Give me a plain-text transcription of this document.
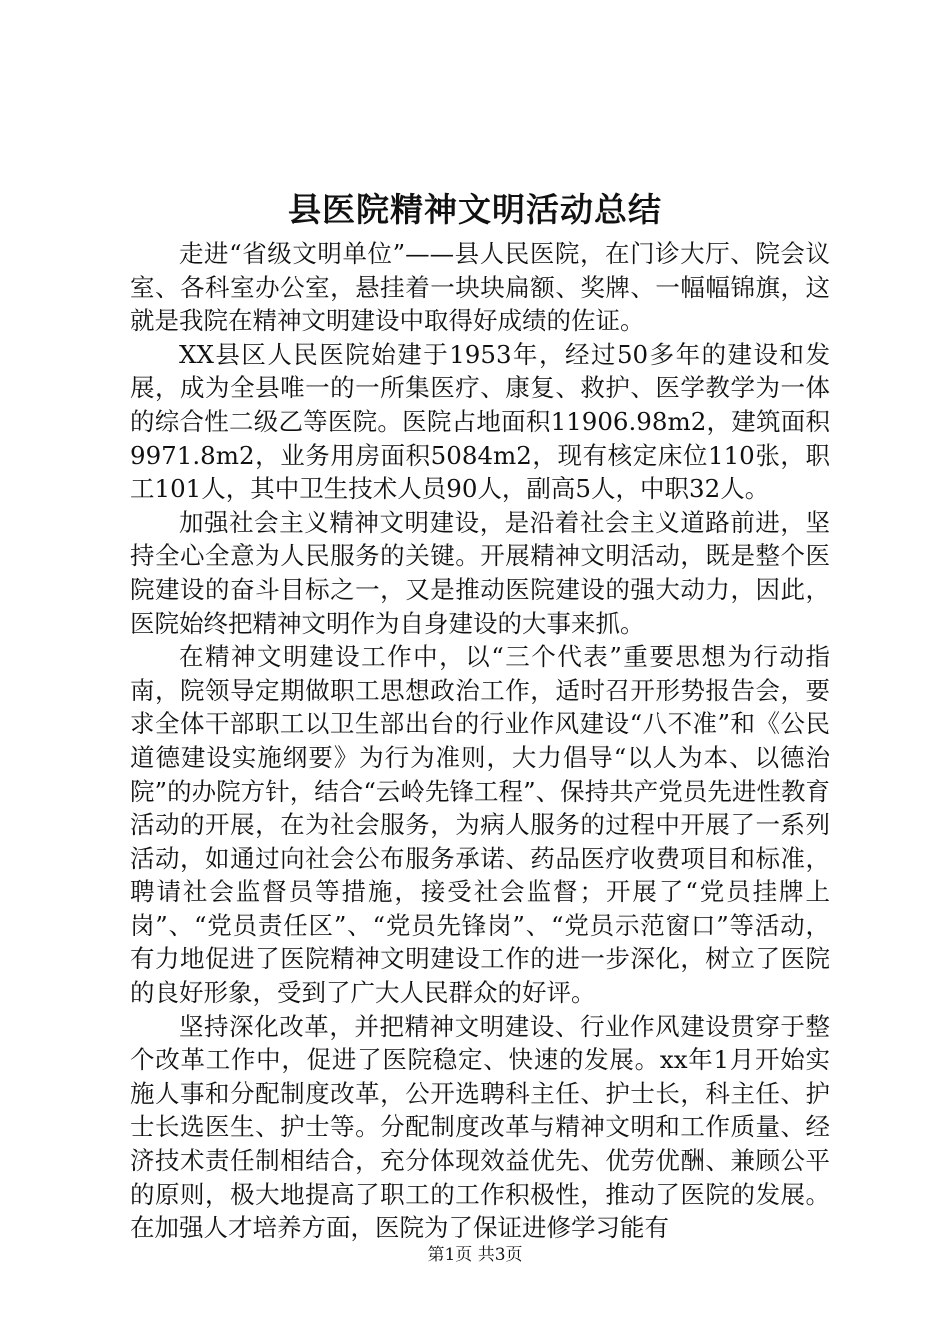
县医院精神文明活动总结

走进“省级文明单位”——县人民医院，在门诊大厅、院会议室、各科室办公室，悬挂着一块块扁额、奖牌、一幅幅锦旗，这就是我院在精神文明建设中取得好成绩的佐证。

XX县区人民医院始建于1953年，经过50多年的建设和发展，成为全县唯一的一所集医疗、康复、救护、医学教学为一体的综合性二级乙等医院。医院占地面积11906.98m2，建筑面积9971.8m2，业务用房面积5084m2，现有核定床位110张，职工101人，其中卫生技术人员90人，副高5人，中职32人。

加强社会主义精神文明建设，是沿着社会主义道路前进，坚持全心全意为人民服务的关键。开展精神文明活动，既是整个医院建设的奋斗目标之一，又是推动医院建设的强大动力，因此，医院始终把精神文明作为自身建设的大事来抓。

在精神文明建设工作中，以“三个代表”重要思想为行动指南，院领导定期做职工思想政治工作，适时召开形势报告会，要求全体干部职工以卫生部出台的行业作风建设“八不准”和《公民道德建设实施纲要》为行为准则，大力倡导“以人为本、以德治院”的办院方针，结合“云岭先锋工程”、保持共产党员先进性教育活动的开展，在为社会服务，为病人服务的过程中开展了一系列活动，如通过向社会公布服务承诺、药品医疗收费项目和标准，聘请社会监督员等措施，接受社会监督；开展了“党员挂牌上岗”、“党员责任区”、“党员先锋岗”、“党员示范窗口”等活动，有力地促进了医院精神文明建设工作的进一步深化，树立了医院的良好形象，受到了广大人民群众的好评。

坚持深化改革，并把精神文明建设、行业作风建设贯穿于整个改革工作中，促进了医院稳定、快速的发展。xx年1月开始实施人事和分配制度改革，公开选聘科主任、护士长，科主任、护士长选医生、护士等。分配制度改革与精神文明和工作质量、经济技术责任制相结合，充分体现效益优先、优劳优酬、兼顾公平的原则，极大地提高了职工的工作积极性，推动了医院的发展。在加强人才培养方面，医院为了保证进修学习能有

第1页 共3页
